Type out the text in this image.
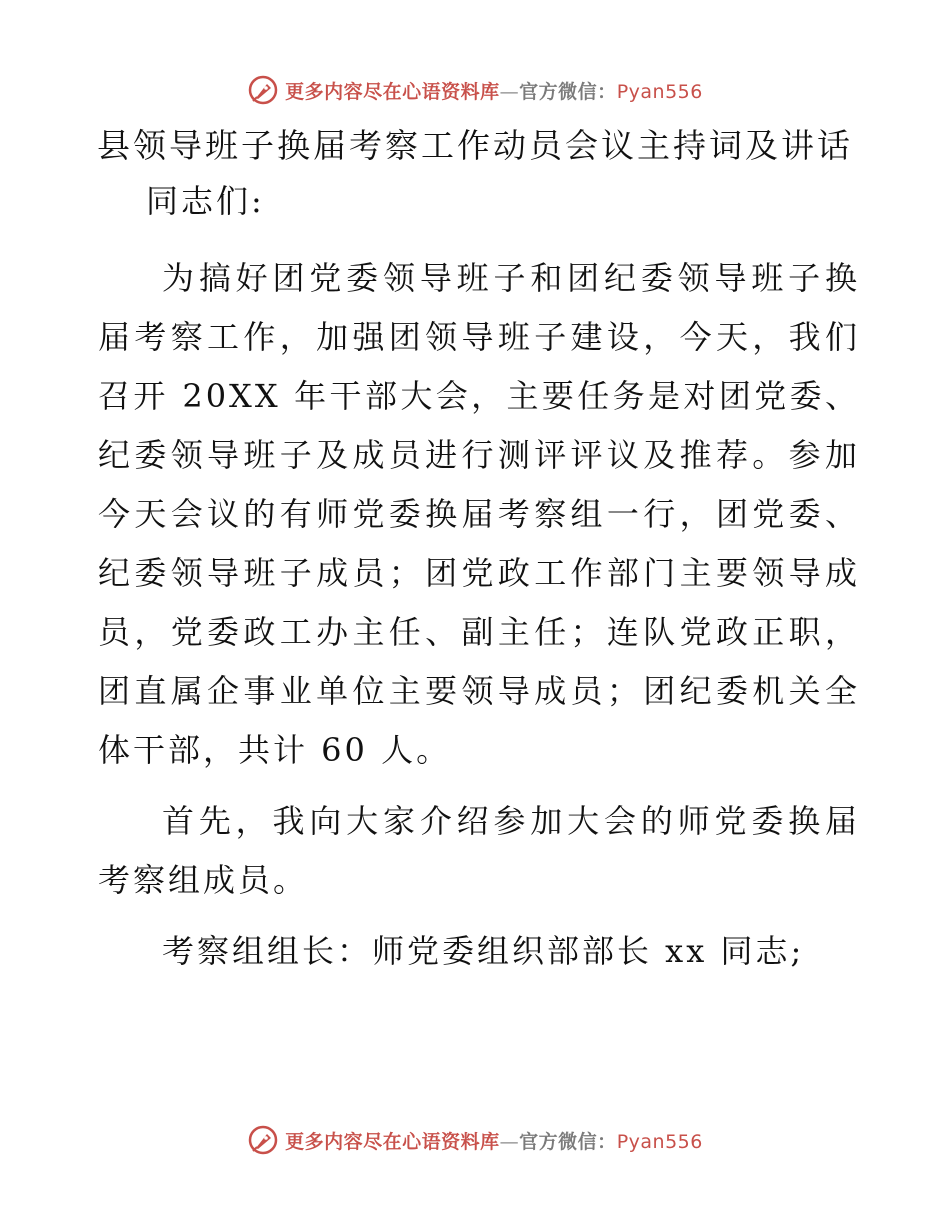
更多内容尽在心语资料库—官方微信：Pyan556
县领导班子换届考察工作动员会议主持词及讲话

同志们:

为搞好团党委领导班子和团纪委领导班子换届考察工作，加强团领导班子建设，今天，我们召开 20XX 年干部大会，主要任务是对团党委、纪委领导班子及成员进行测评评议及推荐。参加今天会议的有师党委换届考察组一行，团党委、纪委领导班子成员；团党政工作部门主要领导成员，党委政工办主任、副主任；连队党政正职，团直属企事业单位主要领导成员；团纪委机关全体干部，共计 60 人。

首先，我向大家介绍参加大会的师党委换届考察组成员。

考察组组长：师党委组织部部长 xx 同志;

更多内容尽在心语资料库—官方微信：Pyan556
